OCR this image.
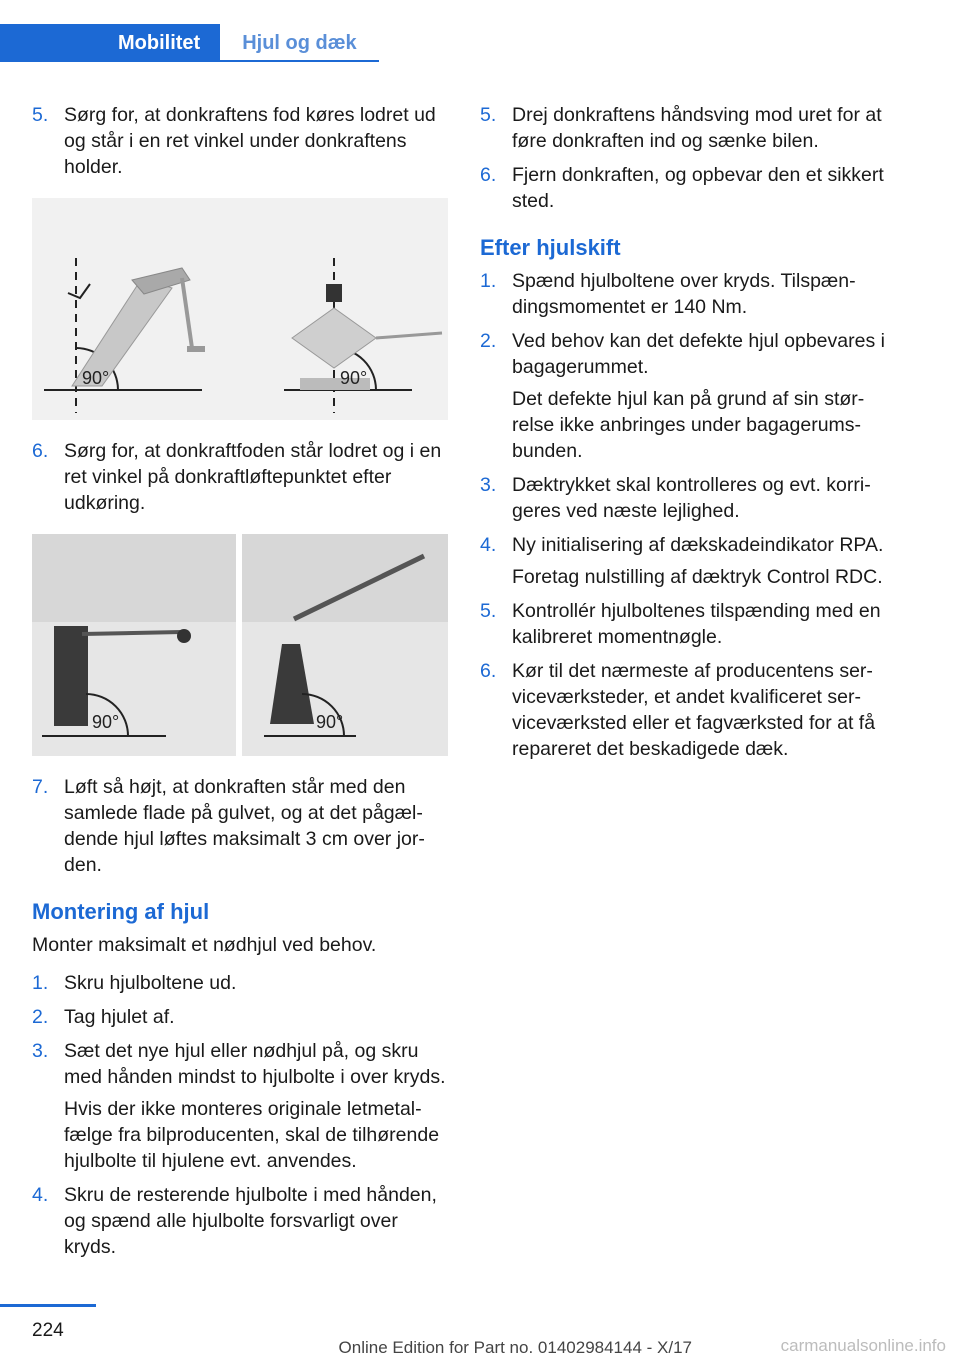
Mobilitet	Hjul og dæk
5. Sørg for, at donkraftens fod køres lodret ud og står i en ret vinkel under donkraftens holder.
90°	90°
6. Sørg for, at donkraftfoden står lodret og i en ret vinkel på donkraftløftepunktet efter udkøring.
90°	90°
7. Løft så højt, at donkraften står med den samlede flade på gulvet, og at det pågældende hjul løftes maksimalt 3 cm over jorden.
Montering af hjul
Monter maksimalt et nødhjul ved behov.
1. Skru hjulboltene ud.
2. Tag hjulet af.
3. Sæt det nye hjul eller nødhjul på, og skru med hånden mindst to hjulbolte i over kryds.
Hvis der ikke monteres originale letmetalfælge fra bilproducenten, skal de tilhørende hjulbolte til hjulene evt. anvendes.
4. Skru de resterende hjulbolte i med hånden, og spænd alle hjulbolte forsvarligt over kryds.
5. Drej donkraftens håndsving mod uret for at føre donkraften ind og sænke bilen.
6. Fjern donkraften, og opbevar den et sikkert sted.
Efter hjulskift
1. Spænd hjulboltene over kryds. Tilspændingsmomentet er 140 Nm.
2. Ved behov kan det defekte hjul opbevares i bagagerummet.
Det defekte hjul kan på grund af sin størrelse ikke anbringes under bagagerumsbunden.
3. Dæktrykket skal kontrolleres og evt. korrigeres ved næste lejlighed.
4. Ny initialisering af dækskadeindikator RPA.
Foretag nulstilling af dæktryk Control RDC.
5. Kontrollér hjulboltenes tilspænding med en kalibreret momentnøgle.
6. Kør til det nærmeste af producentens serviceværksteder, et andet kvalificeret serviceværksted eller et fagværksted for at få repareret det beskadigede dæk.
224
Online Edition for Part no. 01402984144 - X/17	carmanualsonline.info
